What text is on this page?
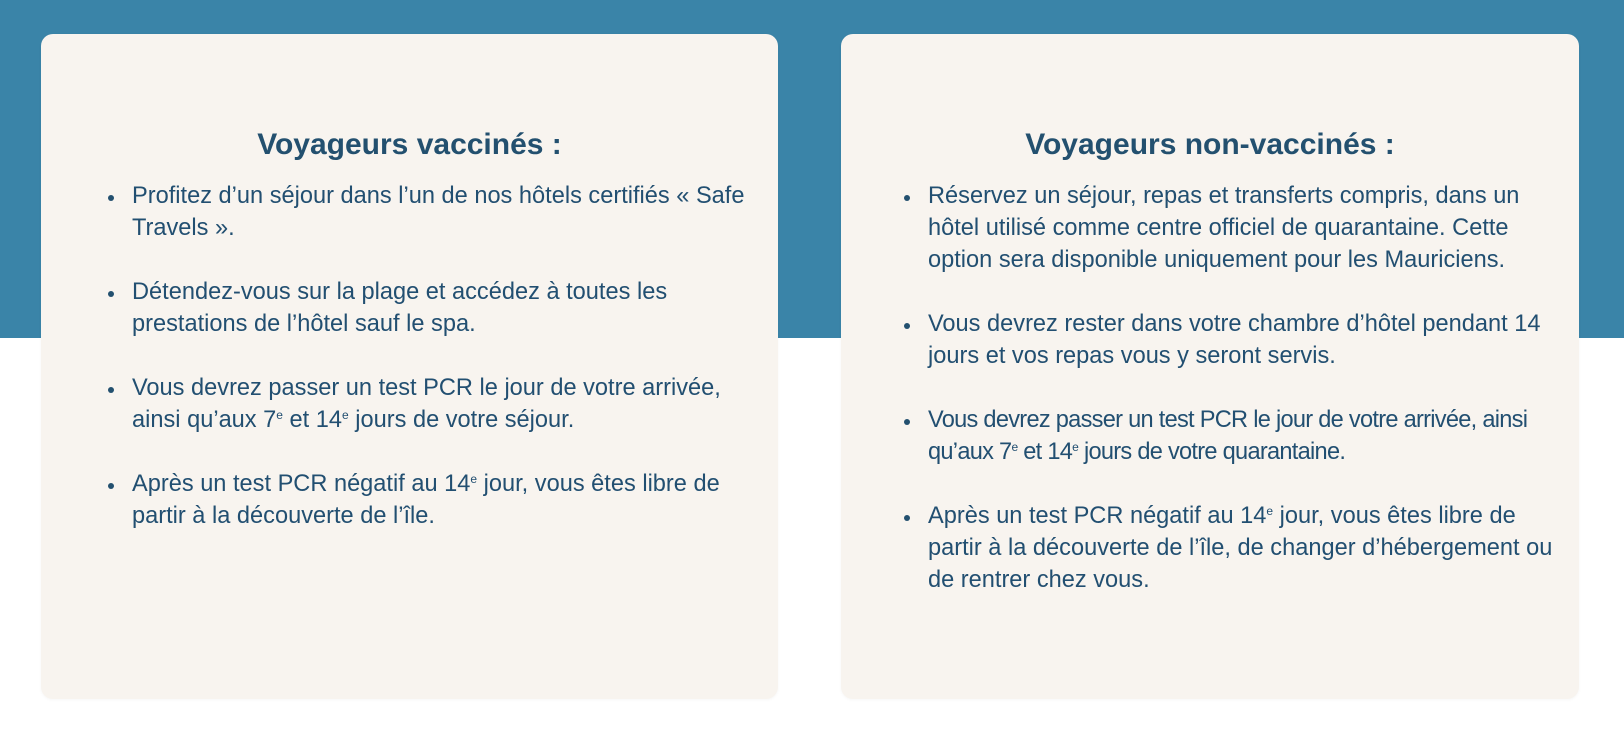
Voyageurs vaccinés :
Profitez d’un séjour dans l’un de nos hôtels certifiés « Safe Travels ».
Détendez-vous sur la plage et accédez à toutes les prestations de l’hôtel sauf le spa.
Vous devrez passer un test PCR le jour de votre arrivée, ainsi qu’aux 7e et 14e jours de votre séjour.
Après un test PCR négatif au 14e jour, vous êtes libre de partir à la découverte de l’île.
Voyageurs non-vaccinés :
Réservez un séjour, repas et transferts compris, dans un hôtel utilisé comme centre officiel de quarantaine. Cette option sera disponible uniquement pour les Mauriciens.
Vous devrez rester dans votre chambre d’hôtel pendant 14 jours et vos repas vous y seront servis.
Vous devrez passer un test PCR le jour de votre arrivée, ainsi qu’aux 7e et 14e jours de votre quarantaine.
Après un test PCR négatif au 14e jour, vous êtes libre de partir à la découverte de l’île, de changer d’hébergement ou de rentrer chez vous.
